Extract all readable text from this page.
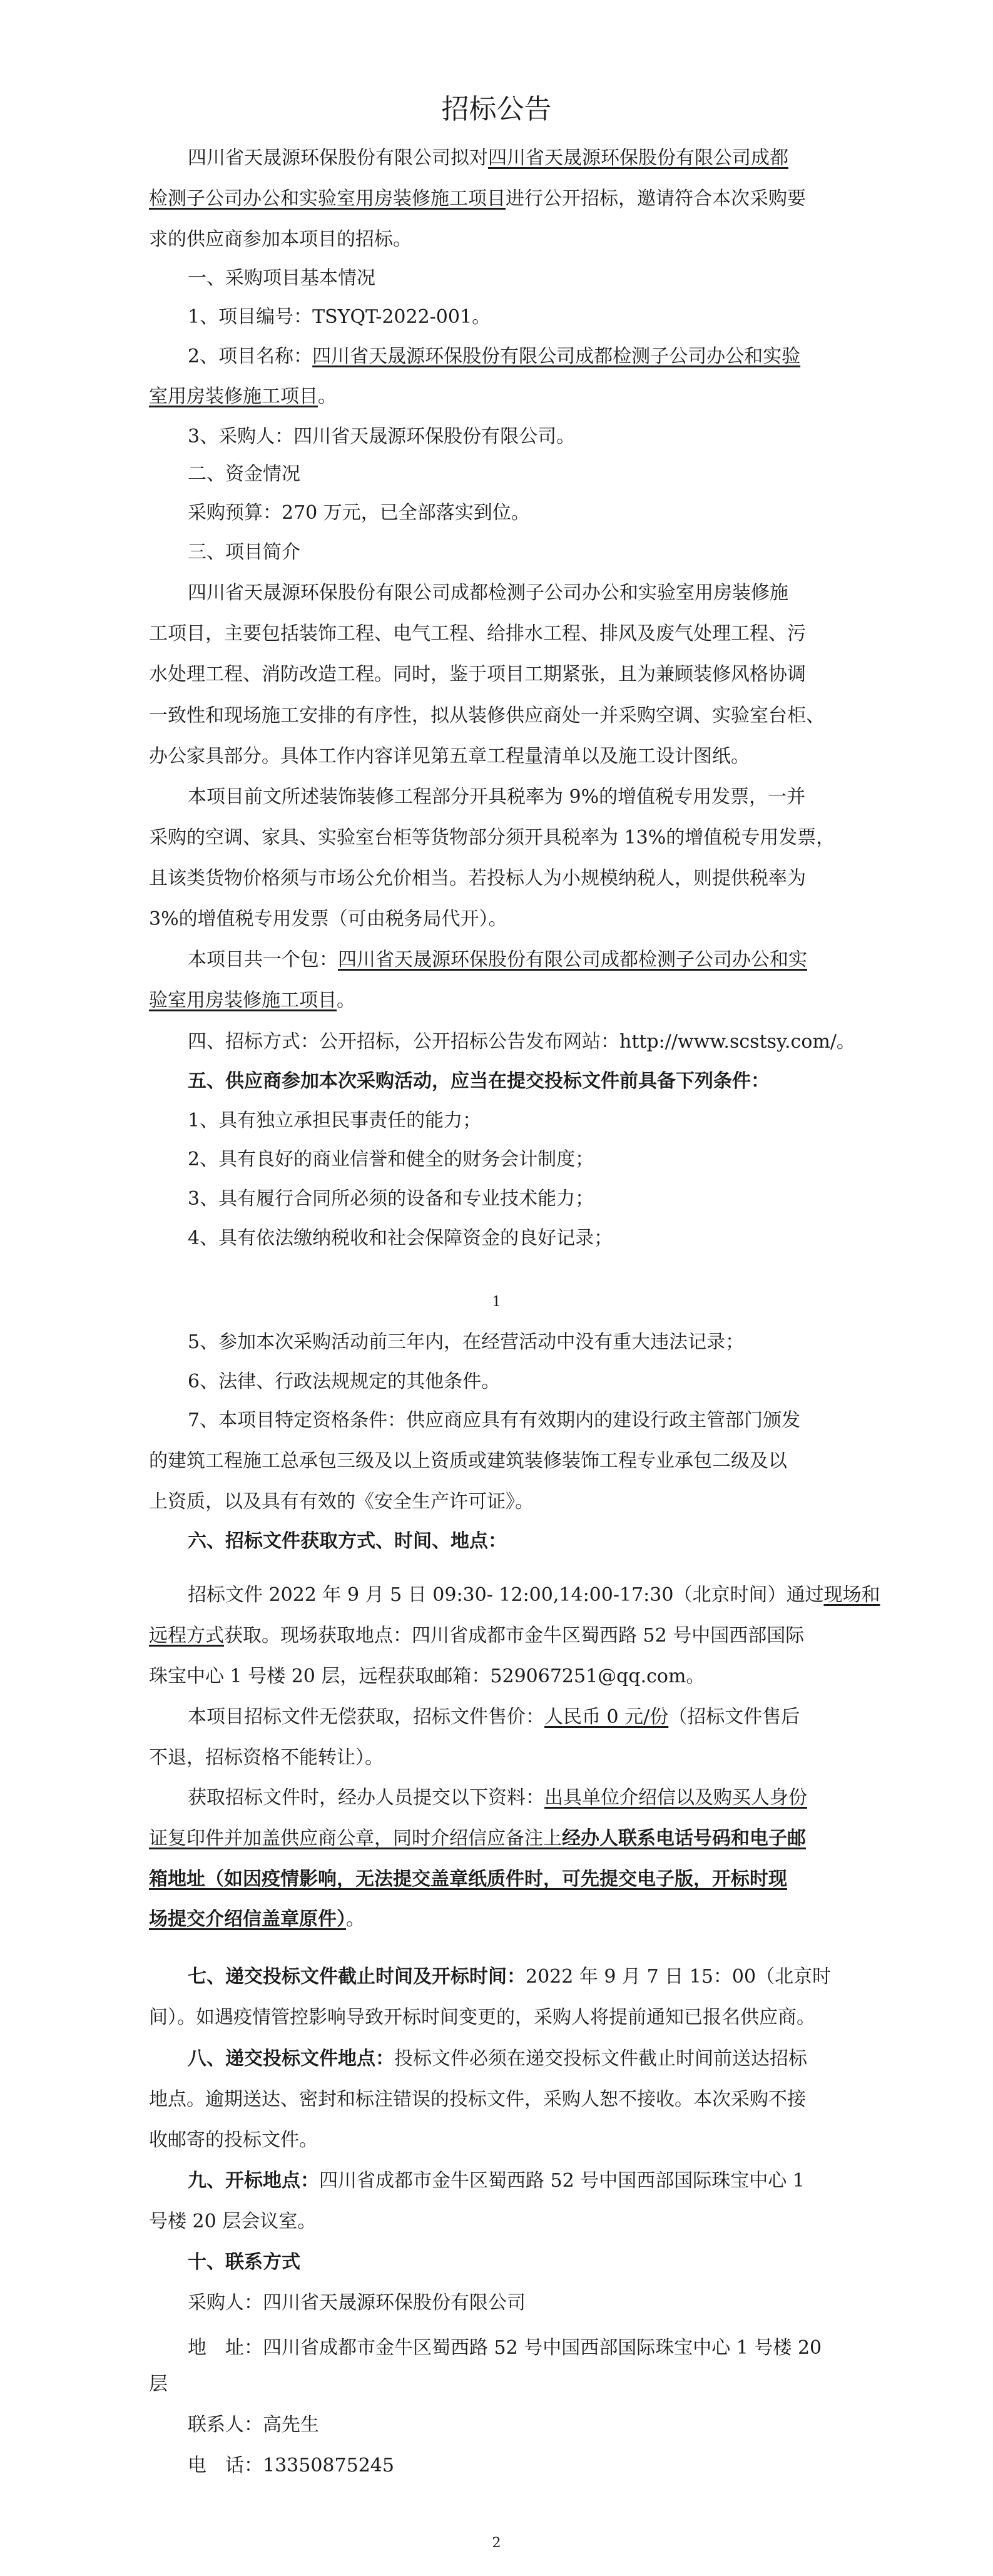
招标公告
四川省天晟源环保股份有限公司拟对四川省天晟源环保股份有限公司成都
检测子公司办公和实验室用房装修施工项目进行公开招标，邀请符合本次采购要
求的供应商参加本项目的招标。
一、采购项目基本情况
1、项目编号：TSYQT-2022-001。
2、项目名称：四川省天晟源环保股份有限公司成都检测子公司办公和实验
室用房装修施工项目。
3、采购人：四川省天晟源环保股份有限公司。
二、资金情况
采购预算：270 万元，已全部落实到位。
三、项目简介
四川省天晟源环保股份有限公司成都检测子公司办公和实验室用房装修施
工项目，主要包括装饰工程、电气工程、给排水工程、排风及废气处理工程、污
水处理工程、消防改造工程。同时，鉴于项目工期紧张，且为兼顾装修风格协调
一致性和现场施工安排的有序性，拟从装修供应商处一并采购空调、实验室台柜、
办公家具部分。具体工作内容详见第五章工程量清单以及施工设计图纸。
本项目前文所述装饰装修工程部分开具税率为 9%的增值税专用发票，一并
采购的空调、家具、实验室台柜等货物部分须开具税率为 13%的增值税专用发票，
且该类货物价格须与市场公允价相当。若投标人为小规模纳税人，则提供税率为
3%的增值税专用发票（可由税务局代开）。
本项目共一个包：四川省天晟源环保股份有限公司成都检测子公司办公和实
验室用房装修施工项目。
四、招标方式：公开招标，公开招标公告发布网站：http://www.scstsy.com/。
五、供应商参加本次采购活动，应当在提交投标文件前具备下列条件：
1、具有独立承担民事责任的能力；
2、具有良好的商业信誉和健全的财务会计制度；
3、具有履行合同所必须的设备和专业技术能力；
4、具有依法缴纳税收和社会保障资金的良好记录；
1
5、参加本次采购活动前三年内，在经营活动中没有重大违法记录；
6、法律、行政法规规定的其他条件。
7、本项目特定资格条件：供应商应具有有效期内的建设行政主管部门颁发
的建筑工程施工总承包三级及以上资质或建筑装修装饰工程专业承包二级及以
上资质，以及具有有效的《安全生产许可证》。
六、招标文件获取方式、时间、地点：
招标文件 2022 年 9 月 5 日 09:30- 12:00,14:00-17:30（北京时间）通过现场和
远程方式获取。现场获取地点：四川省成都市金牛区蜀西路 52 号中国西部国际
珠宝中心 1 号楼 20 层，远程获取邮箱：529067251@qq.com。
本项目招标文件无偿获取，招标文件售价：人民币 0 元/份（招标文件售后
不退，招标资格不能转让）。
获取招标文件时，经办人员提交以下资料：出具单位介绍信以及购买人身份
证复印件并加盖供应商公章，同时介绍信应备注上经办人联系电话号码和电子邮
箱地址（如因疫情影响，无法提交盖章纸质件时，可先提交电子版，开标时现
场提交介绍信盖章原件）。
七、递交投标文件截止时间及开标时间：2022 年 9 月 7 日 15：00（北京时
间）。如遇疫情管控影响导致开标时间变更的，采购人将提前通知已报名供应商。
八、递交投标文件地点：投标文件必须在递交投标文件截止时间前送达招标
地点。逾期送达、密封和标注错误的投标文件，采购人恕不接收。本次采购不接
收邮寄的投标文件。
九、开标地点：四川省成都市金牛区蜀西路 52 号中国西部国际珠宝中心 1
号楼 20 层会议室。
十、联系方式
采购人：四川省天晟源环保股份有限公司
地　址：四川省成都市金牛区蜀西路 52 号中国西部国际珠宝中心 1 号楼 20
层
联系人：高先生
电　话：13350875245
2
